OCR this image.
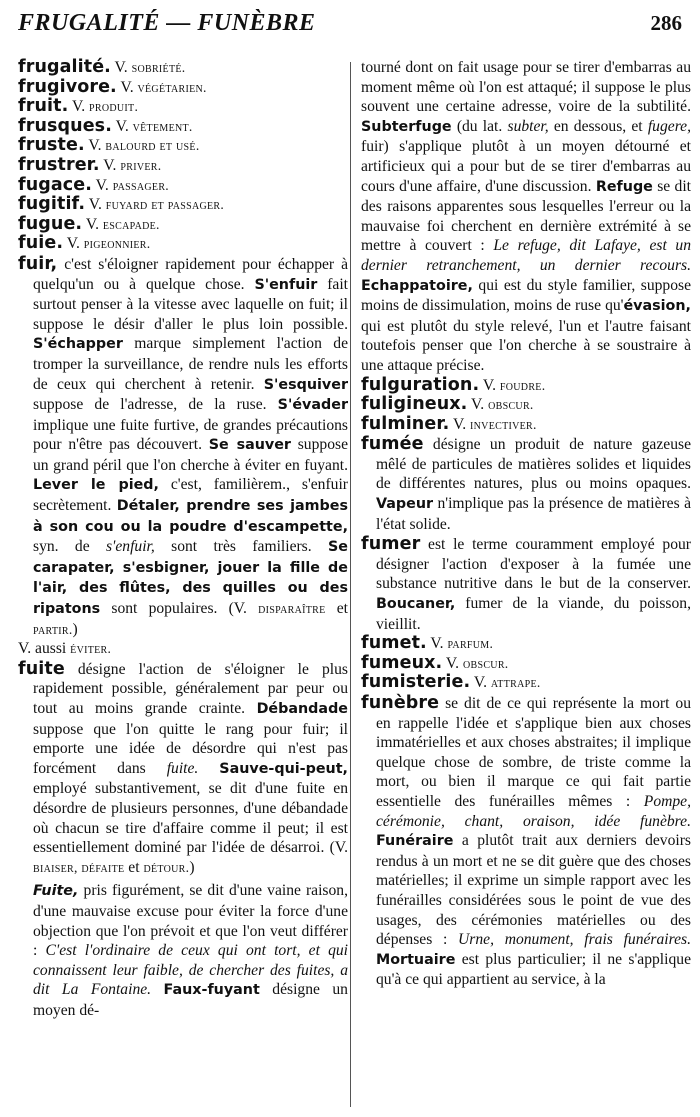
FRUGALITÉ — FUNÈBRE	286

frugalité. V. sobriété.

frugivore. V. végétarien.

fruit. V. produit.

frusques. V. vêtement.

fruste. V. balourd et usé.

frustrer. V. priver.

fugace. V. passager.

fugitif. V. fuyard et passager.

fugue. V. escapade.

fuie. V. pigeonnier.

fuir, c'est s'éloigner rapidement pour échapper à quelqu'un ou à quelque chose. S'enfuir fait surtout penser à la vitesse avec laquelle on fuit; il suppose le désir d'aller le plus loin possible. S'échapper marque simplement l'action de tromper la surveillance, de rendre nuls les efforts de ceux qui cherchent à retenir. S'esquiver suppose de l'adresse, de la ruse. S'évader implique une fuite furtive, de grandes précautions pour n'être pas découvert. Se sauver suppose un grand péril que l'on cherche à éviter en fuyant. Lever le pied, c'est, familièrem., s'enfuir secrètement. Détaler, prendre ses jambes à son cou ou la poudre d'escampette, syn. de s'enfuir, sont très familiers. Se carapater, s'esbigner, jouer la fille de l'air, des flûtes, des quilles ou des ripatons sont populaires. (V. disparaître et partir.)
V. aussi éviter.

fuite désigne l'action de s'éloigner le plus rapidement possible, généralement par peur ou tout au moins grande crainte. Débandade suppose que l'on quitte le rang pour fuir; il emporte une idée de désordre qui n'est pas forcément dans fuite. Sauve-qui-peut, employé substantivement, se dit d'une fuite en désordre de plusieurs personnes, d'une débandade où chacun se tire d'affaire comme il peut; il est essentiellement dominé par l'idée de désarroi. (V. biaiser, défaite et détour.)

Fuite, pris figurément, se dit d'une vaine raison, d'une mauvaise excuse pour éviter la force d'une objection que l'on prévoit et que l'on veut différer : C'est l'ordinaire de ceux qui ont tort, et qui connaissent leur faible, de chercher des fuites, a dit La Fontaine. Faux-fuyant désigne un moyen dé-

tourné dont on fait usage pour se tirer d'embarras au moment même où l'on est attaqué; il suppose le plus souvent une certaine adresse, voire de la subtilité. Subterfuge (du lat. subter, en dessous, et fugere, fuir) s'applique plutôt à un moyen détourné et artificieux qui a pour but de se tirer d'embarras au cours d'une affaire, d'une discussion. Refuge se dit des raisons apparentes sous lesquelles l'erreur ou la mauvaise foi cherchent en dernière extrémité à se mettre à couvert : Le refuge, dit Lafaye, est un dernier retranchement, un dernier recours. Echappatoire, qui est du style familier, suppose moins de dissimulation, moins de ruse qu'évasion, qui est plutôt du style relevé, l'un et l'autre faisant toutefois penser que l'on cherche à se soustraire à une attaque précise.

fulguration. V. foudre.

fuligineux. V. obscur.

fulminer. V. invectiver.

fumée désigne un produit de nature gazeuse mêlé de particules de matières solides et liquides de différentes natures, plus ou moins opaques. Vapeur n'implique pas la présence de matières à l'état solide.

fumer est le terme couramment employé pour désigner l'action d'exposer à la fumée une substance nutritive dans le but de la conserver. Boucaner, fumer de la viande, du poisson, vieillit.

fumet. V. parfum.

fumeux. V. obscur.

fumisterie. V. attrape.

funèbre se dit de ce qui représente la mort ou en rappelle l'idée et s'applique bien aux choses immatérielles et aux choses abstraites; il implique quelque chose de sombre, de triste comme la mort, ou bien il marque ce qui fait partie essentielle des funérailles mêmes : Pompe, cérémonie, chant, oraison, idée funèbre. Funéraire a plutôt trait aux derniers devoirs rendus à un mort et ne se dit guère que des choses matérielles; il exprime un simple rapport avec les funérailles considérées sous le point de vue des usages, des cérémonies matérielles ou des dépenses : Urne, monument, frais funéraires. Mortuaire est plus particulier; il ne s'applique qu'à ce qui appartient au service, à la
